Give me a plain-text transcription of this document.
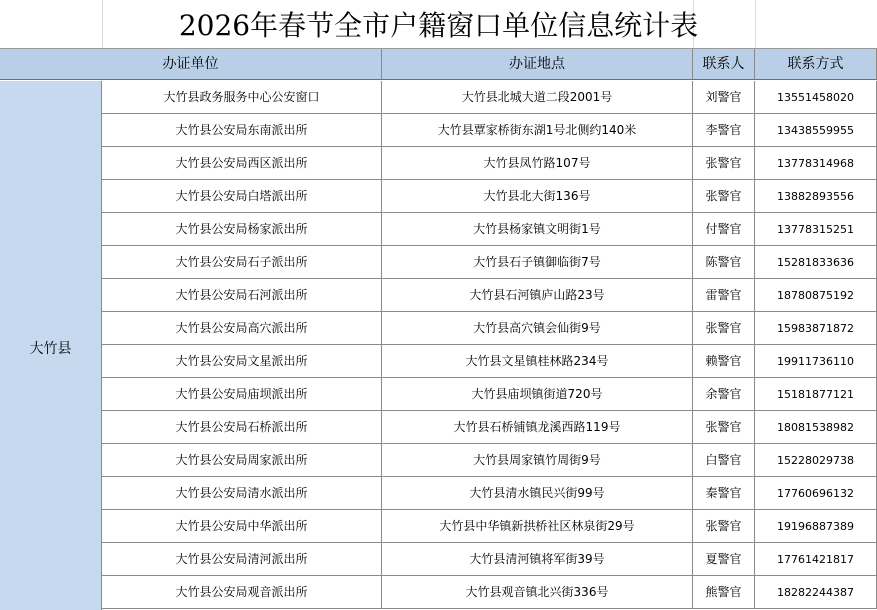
2026年春节全市户籍窗口单位信息统计表
办证单位	办证地点	联系人	联系方式
大竹县
大竹县政务服务中心公安窗口	大竹县北城大道二段2001号	刘警官	13551458020
大竹县公安局东南派出所	大竹县覃家桥街东湖1号北侧约140米	李警官	13438559955
大竹县公安局西区派出所	大竹县凤竹路107号	张警官	13778314968
大竹县公安局白塔派出所	大竹县北大街136号	张警官	13882893556
大竹县公安局杨家派出所	大竹县杨家镇文明街1号	付警官	13778315251
大竹县公安局石子派出所	大竹县石子镇御临街7号	陈警官	15281833636
大竹县公安局石河派出所	大竹县石河镇庐山路23号	雷警官	18780875192
大竹县公安局高穴派出所	大竹县高穴镇会仙街9号	张警官	15983871872
大竹县公安局文星派出所	大竹县文星镇桂林路234号	赖警官	19911736110
大竹县公安局庙坝派出所	大竹县庙坝镇街道720号	余警官	15181877121
大竹县公安局石桥派出所	大竹县石桥铺镇龙溪西路119号	张警官	18081538982
大竹县公安局周家派出所	大竹县周家镇竹周街9号	白警官	15228029738
大竹县公安局清水派出所	大竹县清水镇民兴街99号	秦警官	17760696132
大竹县公安局中华派出所	大竹县中华镇新拱桥社区林泉街29号	张警官	19196887389
大竹县公安局清河派出所	大竹县清河镇将军街39号	夏警官	17761421817
大竹县公安局观音派出所	大竹县观音镇北兴街336号	熊警官	18282244387
